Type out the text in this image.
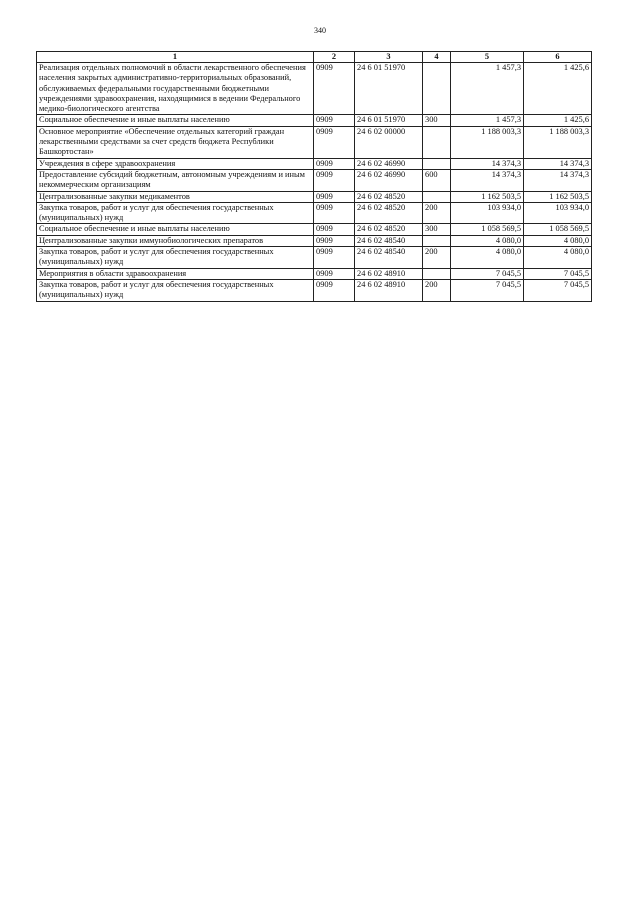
340
1	2	3	4	5	6
Реализация отдельных полномочий в области лекарственного обеспечения населения закрытых административно-территориальных образований, обслуживаемых федеральными государственными бюджетными учреждениями здравоохранения, находящимися в ведении Федерального медико-биологического агентства	0909	24 6 01 51970		1 457,3	1 425,6
Социальное обеспечение и иные выплаты населению	0909	24 6 01 51970	300	1 457,3	1 425,6
Основное мероприятие «Обеспечение отдельных категорий граждан лекарственными средствами за счет средств бюджета Республики Башкортостан»	0909	24 6 02 00000		1 188 003,3	1 188 003,3
Учреждения в сфере здравоохранения	0909	24 6 02 46990		14 374,3	14 374,3
Предоставление субсидий бюджетным, автономным учреждениям и иным некоммерческим организациям	0909	24 6 02 46990	600	14 374,3	14 374,3
Централизованные закупки медикаментов	0909	24 6 02 48520		1 162 503,5	1 162 503,5
Закупка товаров, работ и услуг для обеспечения государственных (муниципальных) нужд	0909	24 6 02 48520	200	103 934,0	103 934,0
Социальное обеспечение и иные выплаты населению	0909	24 6 02 48520	300	1 058 569,5	1 058 569,5
Централизованные закупки иммунобиологических препаратов	0909	24 6 02 48540		4 080,0	4 080,0
Закупка товаров, работ и услуг для обеспечения государственных (муниципальных) нужд	0909	24 6 02 48540	200	4 080,0	4 080,0
Мероприятия в области здравоохранения	0909	24 6 02 48910		7 045,5	7 045,5
Закупка товаров, работ и услуг для обеспечения государственных (муниципальных) нужд	0909	24 6 02 48910	200	7 045,5	7 045,5
